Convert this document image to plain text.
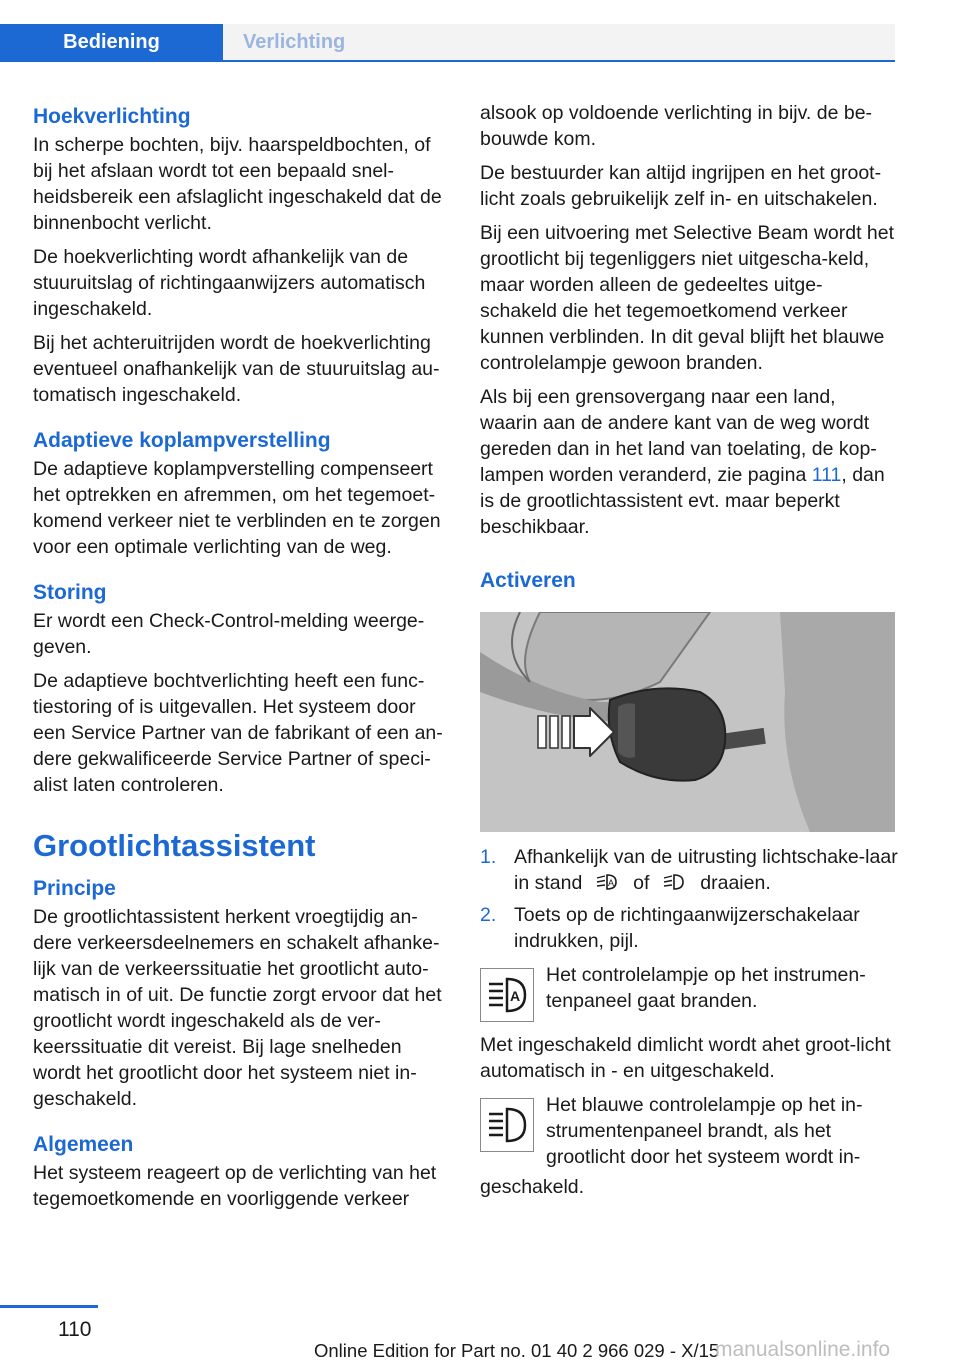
Bediening	Verlichting
Hoekverlichting

In scherpe bochten, bijv. haarspeldbochten, of bij het afslaan wordt tot een bepaald snel-heidsbereik een afslaglicht ingeschakeld dat de binnenbocht verlicht.

De hoekverlichting wordt afhankelijk van de stuuruitslag of richtingaanwijzers automatisch ingeschakeld.

Bij het achteruitrijden wordt de hoekverlichting eventueel onafhankelijk van de stuuruitslag au-tomatisch ingeschakeld.

Adaptieve koplampverstelling

De adaptieve koplampverstelling compenseert het optrekken en afremmen, om het tegemoet-komend verkeer niet te verblinden en te zorgen voor een optimale verlichting van de weg.

Storing

Er wordt een Check-Control-melding weerge-geven.

De adaptieve bochtverlichting heeft een func-tiestoring of is uitgevallen. Het systeem door een Service Partner van de fabrikant of een an-dere gekwalificeerde Service Partner of speci-alist laten controleren.

Grootlichtassistent
Principe

De grootlichtassistent herkent vroegtijdig an-dere verkeersdeelnemers en schakelt afhanke-lijk van de verkeerssituatie het grootlicht auto-matisch in of uit. De functie zorgt ervoor dat het grootlicht wordt ingeschakeld als de ver-keerssituatie dit vereist. Bij lage snelheden wordt het grootlicht door het systeem niet in-geschakeld.

Algemeen

Het systeem reageert op de verlichting van het tegemoetkomende en voorliggende verkeer

alsook op voldoende verlichting in bijv. de be-bouwde kom.

De bestuurder kan altijd ingrijpen en het groot-licht zoals gebruikelijk zelf in- en uitschakelen.

Bij een uitvoering met Selective Beam wordt het grootlicht bij tegenliggers niet uitgescha-keld, maar worden alleen de gedeeltes uitge-schakeld die het tegemoetkomend verkeer kunnen verblinden. In dit geval blijft het blauwe controlelampje gewoon branden.

Als bij een grensovergang naar een land, waarin aan de andere kant van de weg wordt gereden dan in het land van toelating, de kop-lampen worden veranderd, zie pagina 111, dan is de grootlichtassistent evt. maar beperkt beschikbaar.

Activeren
1. Afhankelijk van de uitrusting lichtschake-laar in stand	A of	draaien.
2. Toets op de richtingaanwijzerschakelaar indrukken, pijl.
A
Het controlelampje op het instrumen-tenpaneel gaat branden.

Met ingeschakeld dimlicht wordt ahet groot-licht automatisch in - en uitgeschakeld.

Het blauwe controlelampje op het in-strumentenpaneel brandt, als het grootlicht door het systeem wordt in-

geschakeld.

110
Online Edition for Part no. 01 40 2 966 029 - X/15
manualsonline.info
